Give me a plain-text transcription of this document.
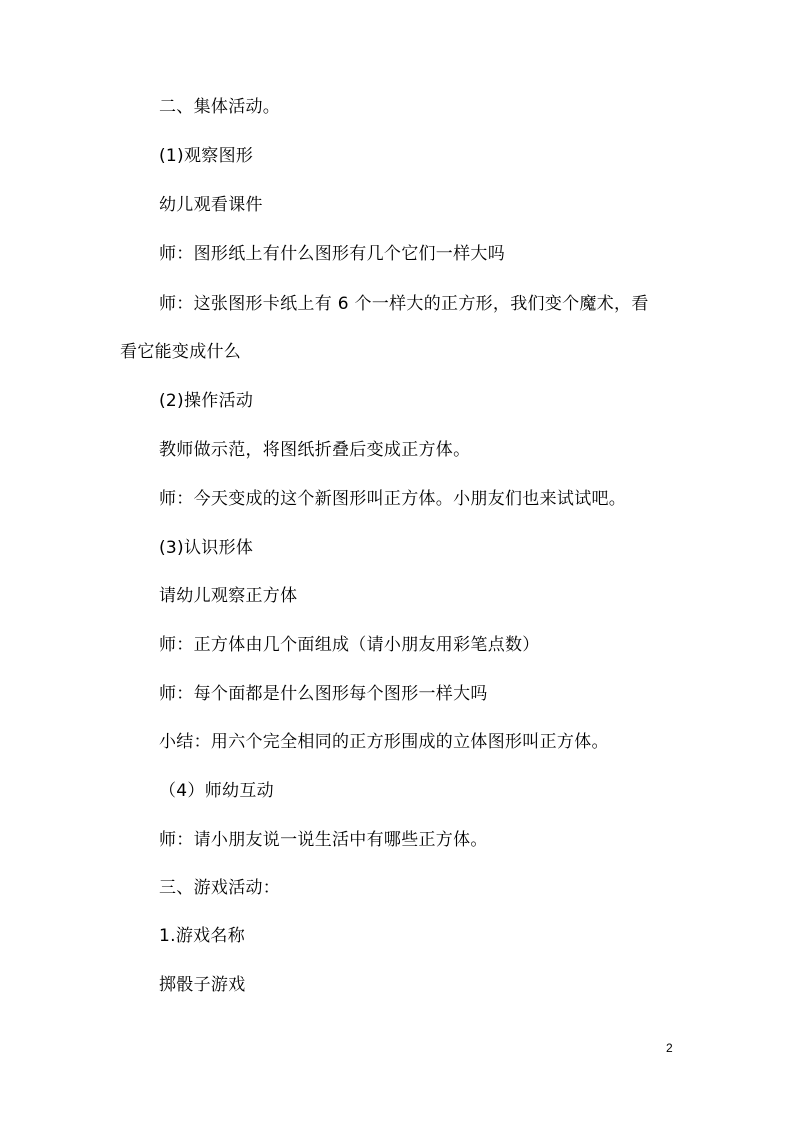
二、集体活动。
(1)观察图形
幼儿观看课件
师：图形纸上有什么图形有几个它们一样大吗
师：这张图形卡纸上有 6 个一样大的正方形，我们变个魔术，看
看它能变成什么
(2)操作活动
教师做示范，将图纸折叠后变成正方体。
师：今天变成的这个新图形叫正方体。小朋友们也来试试吧。
(3)认识形体
请幼儿观察正方体
师：正方体由几个面组成（请小朋友用彩笔点数）
师：每个面都是什么图形每个图形一样大吗
小结：用六个完全相同的正方形围成的立体图形叫正方体。
（4）师幼互动
师：请小朋友说一说生活中有哪些正方体。
三、游戏活动：
1.游戏名称
掷骰子游戏
2
